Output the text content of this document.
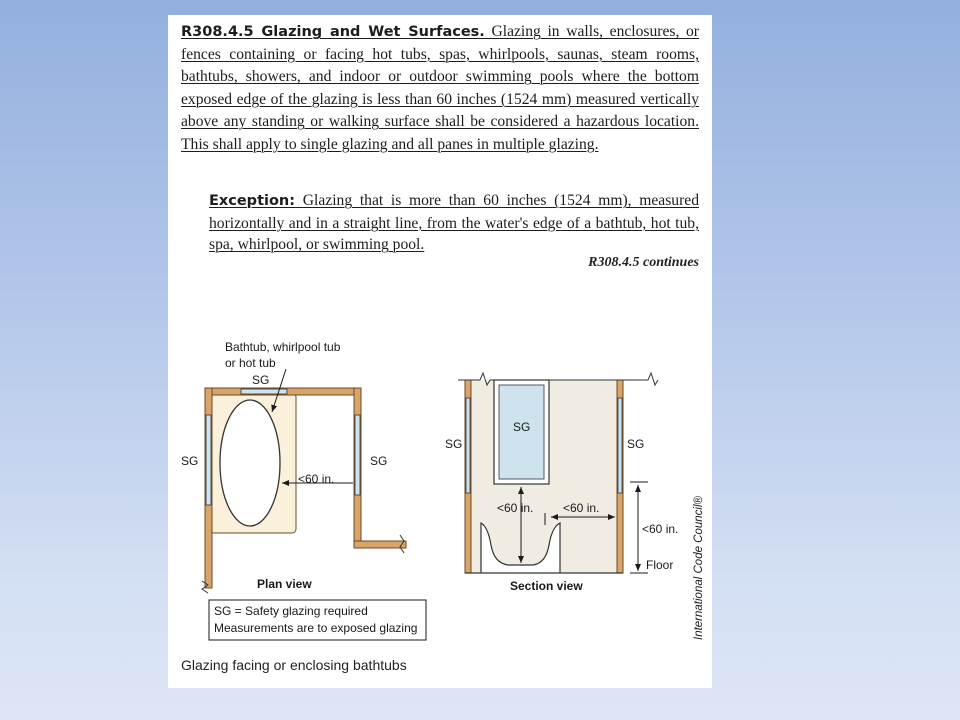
R308.4.5 Glazing and Wet Surfaces. Glazing in walls, enclosures, or fences containing or facing hot tubs, spas, whirlpools, saunas, steam rooms, bathtubs, showers, and indoor or outdoor swimming pools where the bottom exposed edge of the glazing is less than 60 inches (1524 mm) measured vertically above any standing or walking surface shall be considered a hazardous location. This shall apply to single glazing and all panes in multiple glazing.

Exception: Glazing that is more than 60 inches (1524 mm), measured horizontally and in a straight line, from the water's edge of a bathtub, hot tub, spa, whirlpool, or swimming pool.

R308.4.5 continues
Bathtub, whirlpool tub
or hot tub
SG
SG	SG
<60 in.
Plan view
SG
SG	SG
<60 in. <60 in.
<60 in.
Floor
Section view
SG = Safety glazing required
Measurements are to exposed glazing	International Code Council®
Glazing facing or enclosing bathtubs
